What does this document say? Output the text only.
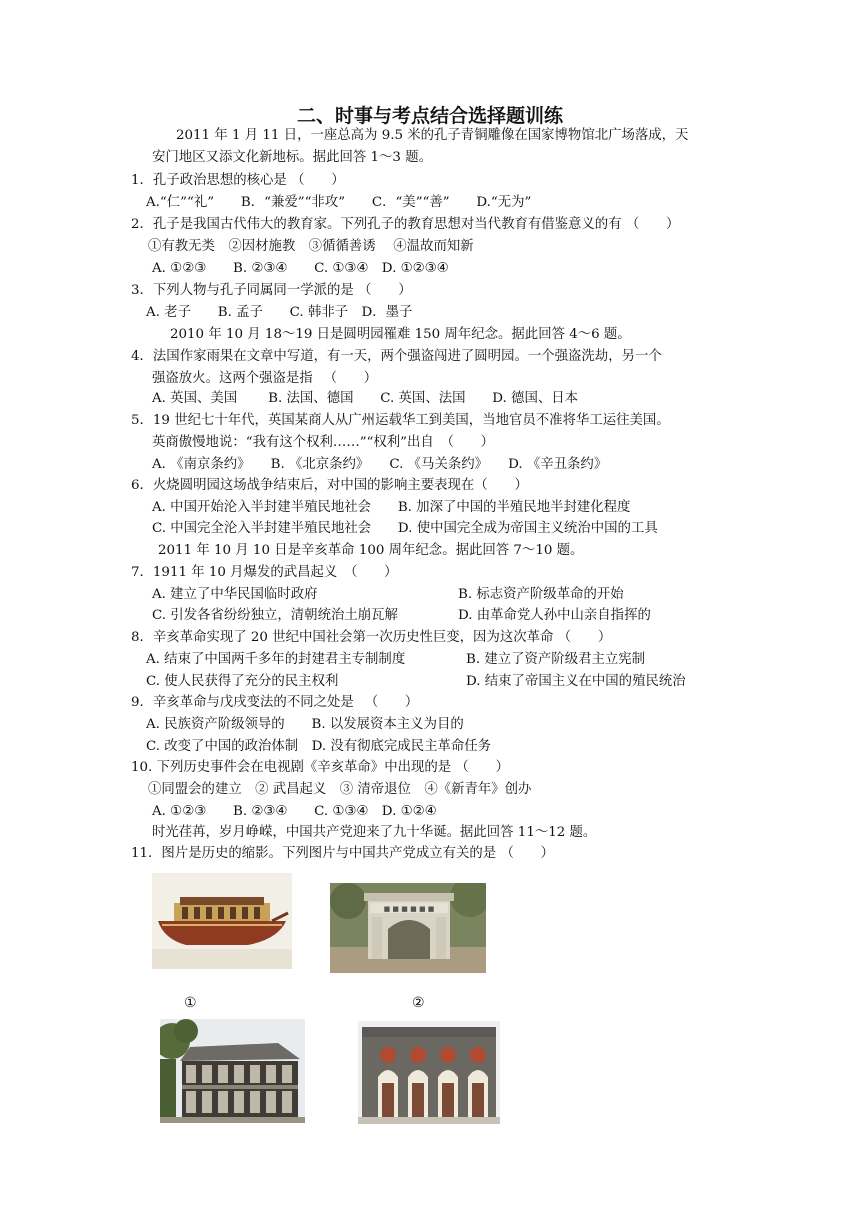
二、时事与考点结合选择题训练
2011 年 1 月 11 日，一座总高为 9.5 米的孔子青铜雕像在国家博物馆北广场落成，天
安门地区又添文化新地标。据此回答 1～3 题。
1．孔子政治思想的核心是 （　　）
A.“仁”“礼”　　B．“兼爱”“非攻”　　C．“美”“善”　　D.“无为”
2．孔子是我国古代伟大的教育家。下列孔子的教育思想对当代教育有借鉴意义的有 （　　）
①有教无类　②因材施教　③循循善诱　 ④温故而知新
A. ①②③　　B. ②③④　　C. ①③④　D. ①②③④
3．下列人物与孔子同属同一学派的是 （　　）
A. 老子　　B. 孟子　　C. 韩非子　D．墨子
2010 年 10 月 18～19 日是圆明园罹难 150 周年纪念。据此回答 4～6 题。
4．法国作家雨果在文章中写道，有一天，两个强盗闯进了圆明园。一个强盗洗劫，另一个
强盗放火。这两个强盗是指 　（　　）
A. 英国、美国　　 B. 法国、德国　　C. 英国、法国　　D. 德国、日本
5．19 世纪七十年代，英国某商人从广州运载华工到美国，当地官员不准将华工运往美国。
英商傲慢地说：“我有这个权利……”“权利”出自　（　　）
A. 《南京条约》　　B. 《北京条约》　　C. 《马关条约》　　D. 《辛丑条约》
6．火烧圆明园这场战争结束后，对中国的影响主要表现在（　　）
A. 中国开始沦入半封建半殖民地社会　　B. 加深了中国的半殖民地半封建化程度
C. 中国完全沦入半封建半殖民地社会　　D. 使中国完全成为帝国主义统治中国的工具
2011 年 10 月 10 日是辛亥革命 100 周年纪念。据此回答 7～10 题。
7．1911 年 10 月爆发的武昌起义　（　　）
A. 建立了中华民国临时政府	B. 标志资产阶级革命的开始
C. 引发各省纷纷独立，清朝统治土崩瓦解	D. 由革命党人孙中山亲自指挥的
8．辛亥革命实现了 20 世纪中国社会第一次历史性巨变，因为这次革命 （　　）
A. 结束了中国两千多年的封建君主专制制度	B. 建立了资产阶级君主立宪制
C. 使人民获得了充分的民主权利	D. 结束了帝国主义在中国的殖民统治
9．辛亥革命与戊戌变法的不同之处是 　（　　）
A. 民族资产阶级领导的　　B. 以发展资本主义为目的
C. 改变了中国的政治体制　D. 没有彻底完成民主革命任务
10. 下列历史事件会在电视剧《辛亥革命》中出现的是 （　　）
①同盟会的建立　② 武昌起义　③ 清帝退位　④《新青年》创办
A. ①②③　　B. ②③④　　C. ①③④　D. ①②④
时光荏苒，岁月峥嵘，中国共产党迎来了九十华诞。据此回答 11～12 题。
11．图片是历史的缩影。下列图片与中国共产党成立有关的是 （　　）
■ ■ ■ ■ ■ ■
①	②
